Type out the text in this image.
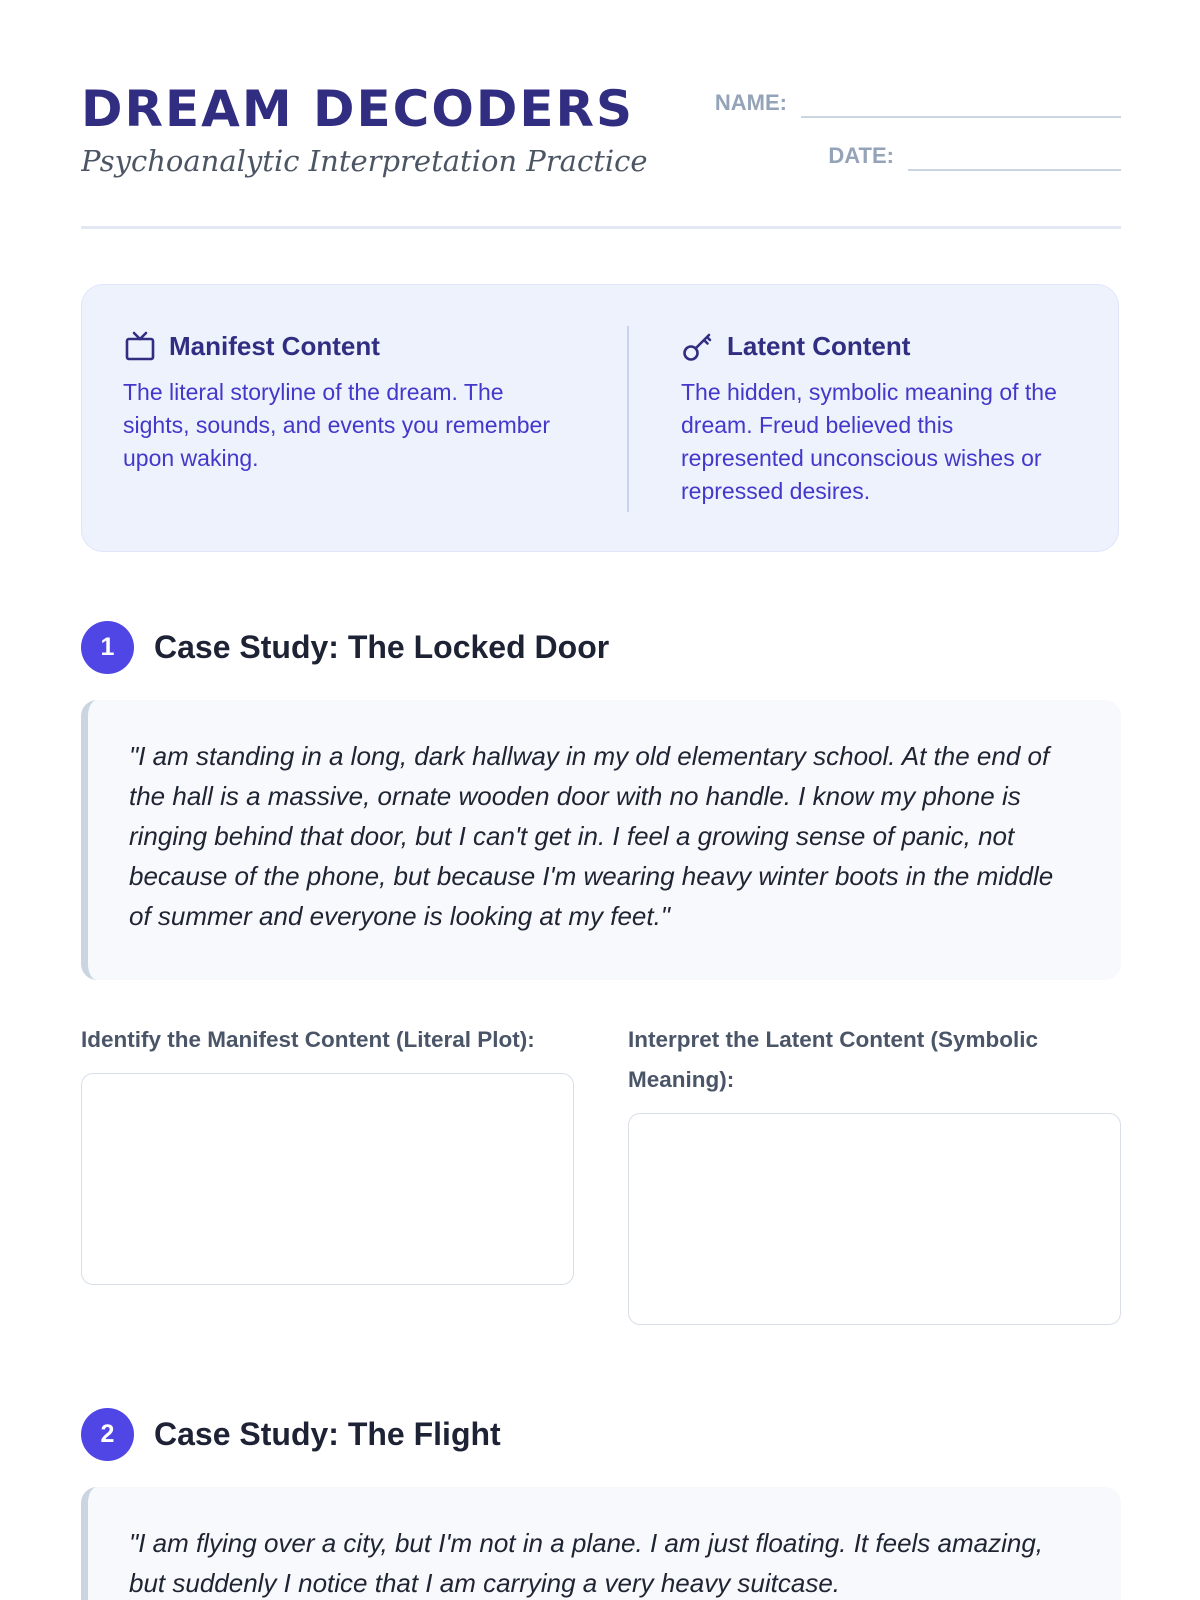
DREAM DECODERS
Psychoanalytic Interpretation Practice
NAME:
DATE:
Manifest Content
The literal storyline of the dream. The sights, sounds, and events you remember upon waking.
Latent Content
The hidden, symbolic meaning of the dream. Freud believed this represented unconscious wishes or repressed desires.
1	Case Study: The Locked Door
"I am standing in a long, dark hallway in my old elementary school. At the end of the hall is a massive, ornate wooden door with no handle. I know my phone is ringing behind that door, but I can't get in. I feel a growing sense of panic, not because of the phone, but because I'm wearing heavy winter boots in the middle of summer and everyone is looking at my feet."
Identify the Manifest Content (Literal Plot):	Interpret the Latent Content (Symbolic Meaning):
2	Case Study: The Flight
"I am flying over a city, but I'm not in a plane. I am just floating. It feels amazing, but suddenly I notice that I am carrying a very heavy suitcase.
